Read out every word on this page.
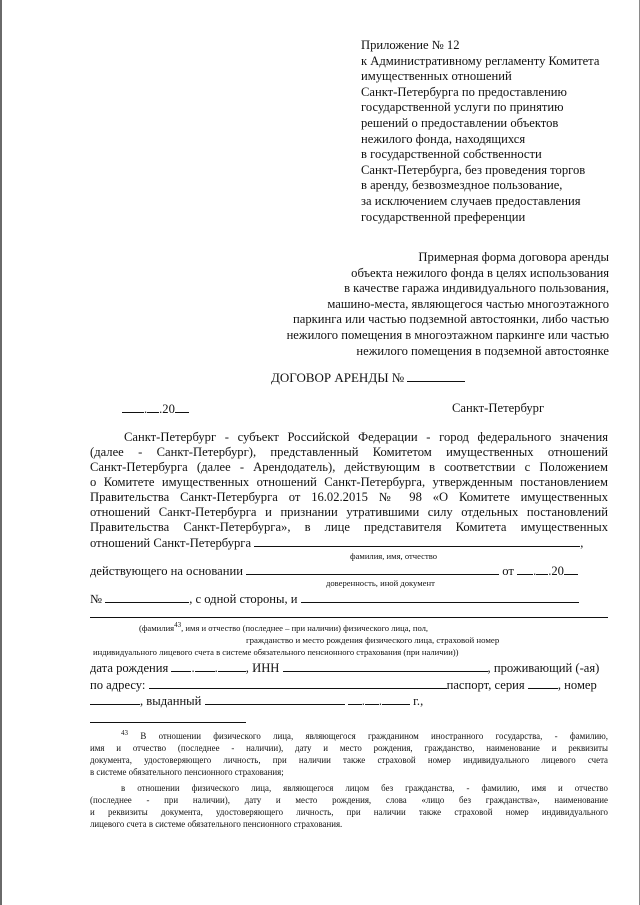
Приложение № 12
к Административному регламенту Комитета
имущественных отношений
Санкт-Петербурга по предоставлению
государственной услуги по принятию
решений о предоставлении объектов
нежилого фонда, находящихся
в государственной собственности
Санкт-Петербурга, без проведения торгов
в аренду, безвозмездное пользование,
за исключением случаев предоставления
государственной преференции
Примерная форма договора аренды
объекта нежилого фонда в целях использования
в качестве гаража индивидуального пользования,
машино-места, являющегося частью многоэтажного
паркинга или частью подземной автостоянки, либо частью
нежилого помещения в многоэтажном паркинге или частью
нежилого помещения в подземной автостоянке
ДОГОВОР АРЕНДЫ №
. .20	Санкт-Петербург
Санкт-Петербург - субъект Российской Федерации - город федерального значения
(далее - Санкт-Петербург), представленный Комитетом имущественных отношений
Санкт-Петербурга (далее - Арендодатель), действующим в соответствии с Положением
о Комитете имущественных отношений Санкт-Петербурга, утвержденным постановлением
Правительства Санкт-Петербурга от 16.02.2015 № 98 «О Комитете имущественных
отношений Санкт-Петербурга и признании утратившими силу отдельных постановлений
Правительства Санкт-Петербурга», в лице представителя Комитета имущественных
отношений Санкт-Петербурга	,
фамилия, имя, отчество
действующего на основании	от . .20
доверенность, иной документ
№	, с одной стороны, и
(фамилия$^{43}$, имя и отчество (последнее – при наличии) физического лица, пол,
гражданство и место рождения физического лица, страховой номер
индивидуального лицевого счета в системе обязательного пенсионного страхования (при наличии))
дата рождения . . , ИНН	, проживающий (-ая)
по адресу:	паспорт, серия	, номер
, выданный	. . г.,
$^{43}$ В отношении физического лица, являющегося гражданином иностранного государства, - фамилию,
имя и отчество (последнее - наличии), дату и место рождения, гражданство, наименование и реквизиты
документа, удостоверяющего личность, при наличии также страховой номер индивидуального лицевого счета
в системе обязательного пенсионного страхования;
в отношении физического лица, являющегося лицом без гражданства, - фамилию, имя и отчество
(последнее - при наличии), дату и место рождения, слова «лицо без гражданства», наименование
и реквизиты документа, удостоверяющего личность, при наличии также страховой номер индивидуального
лицевого счета в системе обязательного пенсионного страхования.
